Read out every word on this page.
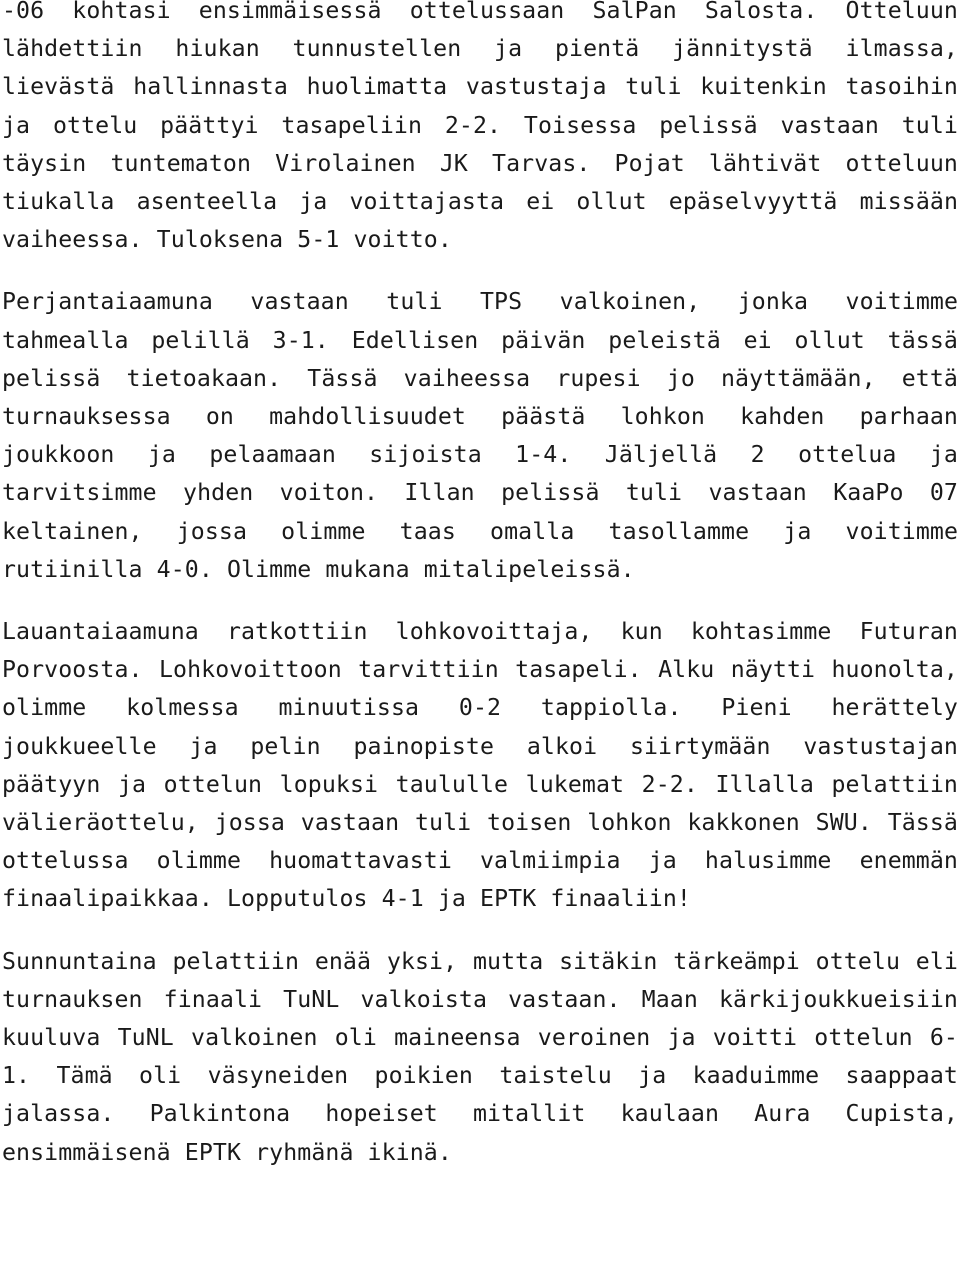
-06 kohtasi ensimmäisessä ottelussaan SalPan Salosta. Otteluun lähdettiin hiukan tunnustellen ja pientä jännitystä ilmassa, lievästä hallinnasta huolimatta vastustaja tuli kuitenkin tasoihin ja ottelu päättyi tasapeliin 2-2. Toisessa pelissä vastaan tuli täysin tuntematon Virolainen JK Tarvas. Pojat lähtivät otteluun tiukalla asenteella ja voittajasta ei ollut epäselvyyttä missään vaiheessa. Tuloksena 5-1 voitto.

Perjantaiaamuna vastaan tuli TPS valkoinen, jonka voitimme tahmealla pelillä 3-1. Edellisen päivän peleistä ei ollut tässä pelissä tietoakaan. Tässä vaiheessa rupesi jo näyttämään, että turnauksessa on mahdollisuudet päästä lohkon kahden parhaan joukkoon ja pelaamaan sijoista 1-4. Jäljellä 2 ottelua ja tarvitsimme yhden voiton. Illan pelissä tuli vastaan KaaPo 07 keltainen, jossa olimme taas omalla tasollamme ja voitimme rutiinilla 4-0. Olimme mukana mitalipeleissä.

Lauantaiaamuna ratkottiin lohkovoittaja, kun kohtasimme Futuran Porvoosta. Lohkovoittoon tarvittiin tasapeli. Alku näytti huonolta, olimme kolmessa minuutissa 0-2 tappiolla. Pieni herättely joukkueelle ja pelin painopiste alkoi siirtymään vastustajan päätyyn ja ottelun lopuksi taululle lukemat 2-2. Illalla pelattiin välieräottelu, jossa vastaan tuli toisen lohkon kakkonen SWU. Tässä ottelussa olimme huomattavasti valmiimpia ja halusimme enemmän finaalipaikkaa. Lopputulos 4-1 ja EPTK finaaliin!

Sunnuntaina pelattiin enää yksi, mutta sitäkin tärkeämpi ottelu eli turnauksen finaali TuNL valkoista vastaan. Maan kärkijoukkueisiin kuuluva TuNL valkoinen oli maineensa veroinen ja voitti ottelun 6-1. Tämä oli väsyneiden poikien taistelu ja kaaduimme saappaat jalassa. Palkintona hopeiset mitallit kaulaan Aura Cupista, ensimmäisenä EPTK ryhmänä ikinä.
